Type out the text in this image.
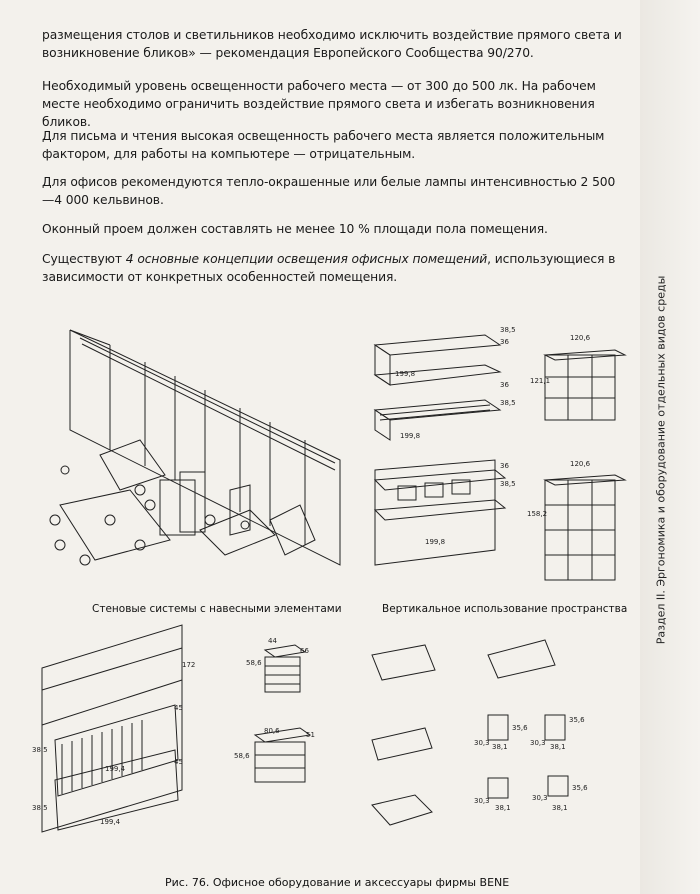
размещения столов и светильников необходимо исключить воздействие прямого света и возникновение бликов» — рекомендация Европейского Сообщества 90/270.
Необходимый уровень освещенности рабочего места — от 300 до 500 лк. На рабочем месте необходимо ограничить воздействие прямого света и избегать возникновения бликов.
Для письма и чтения высокая освещенность рабочего места является положительным фактором, для работы на компьютере — отрицательным.
Для офисов рекомендуются тепло-окрашенные или белые лампы интенсивностью 2 500—4 000 кельвинов.
Оконный проем должен составлять не менее 10 % площади пола помещения.
Существуют 4 основные концепции освещения офисных помещений, использующиеся в зависимости от конкретных особенностей помещения.	Раздел II. Эргономика и оборудование отдельных видов среды
38,5
36
199,8
36
38,5
199,8
36
38,5
199,8
120,6
121,1
120,6
158,2
172
45
38,5
199,4
45
38,5
199,4
44
66
58,6
80,6	51
58,6
35,6
30,3 38,1
35,6
30,3 38,1
30,3
38,1
35,6
30,3
38,1
Стеновые системы с навесными элементами	Вертикальное использование пространства
Рис. 76. Офисное оборудование и аксессуары фирмы BENE
